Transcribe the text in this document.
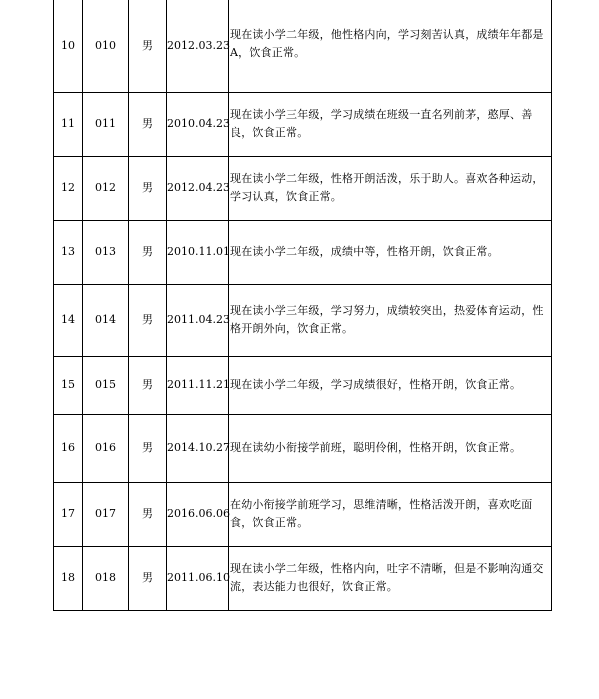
10	010	男	2012.03.23	现在读小学二年级，他性格内向，学习刻苦认真，成绩年年都是A，饮食正常。
11	011	男	2010.04.23	现在读小学三年级，学习成绩在班级一直名列前茅，憨厚、善良，饮食正常。
12	012	男	2012.04.23	现在读小学二年级，性格开朗活泼，乐于助人。喜欢各种运动，学习认真，饮食正常。
13	013	男	2010.11.01	现在读小学二年级，成绩中等，性格开朗，饮食正常。
14	014	男	2011.04.23	现在读小学三年级，学习努力，成绩较突出，热爱体育运动，性格开朗外向，饮食正常。
15	015	男	2011.11.21	现在读小学二年级，学习成绩很好，性格开朗，饮食正常。
16	016	男	2014.10.27	现在读幼小衔接学前班，聪明伶俐，性格开朗，饮食正常。
17	017	男	2016.06.06	在幼小衔接学前班学习，思维清晰，性格活泼开朗，喜欢吃面食，饮食正常。
18	018	男	2011.06.10	现在读小学二年级，性格内向，吐字不清晰，但是不影响沟通交流，表达能力也很好，饮食正常。
